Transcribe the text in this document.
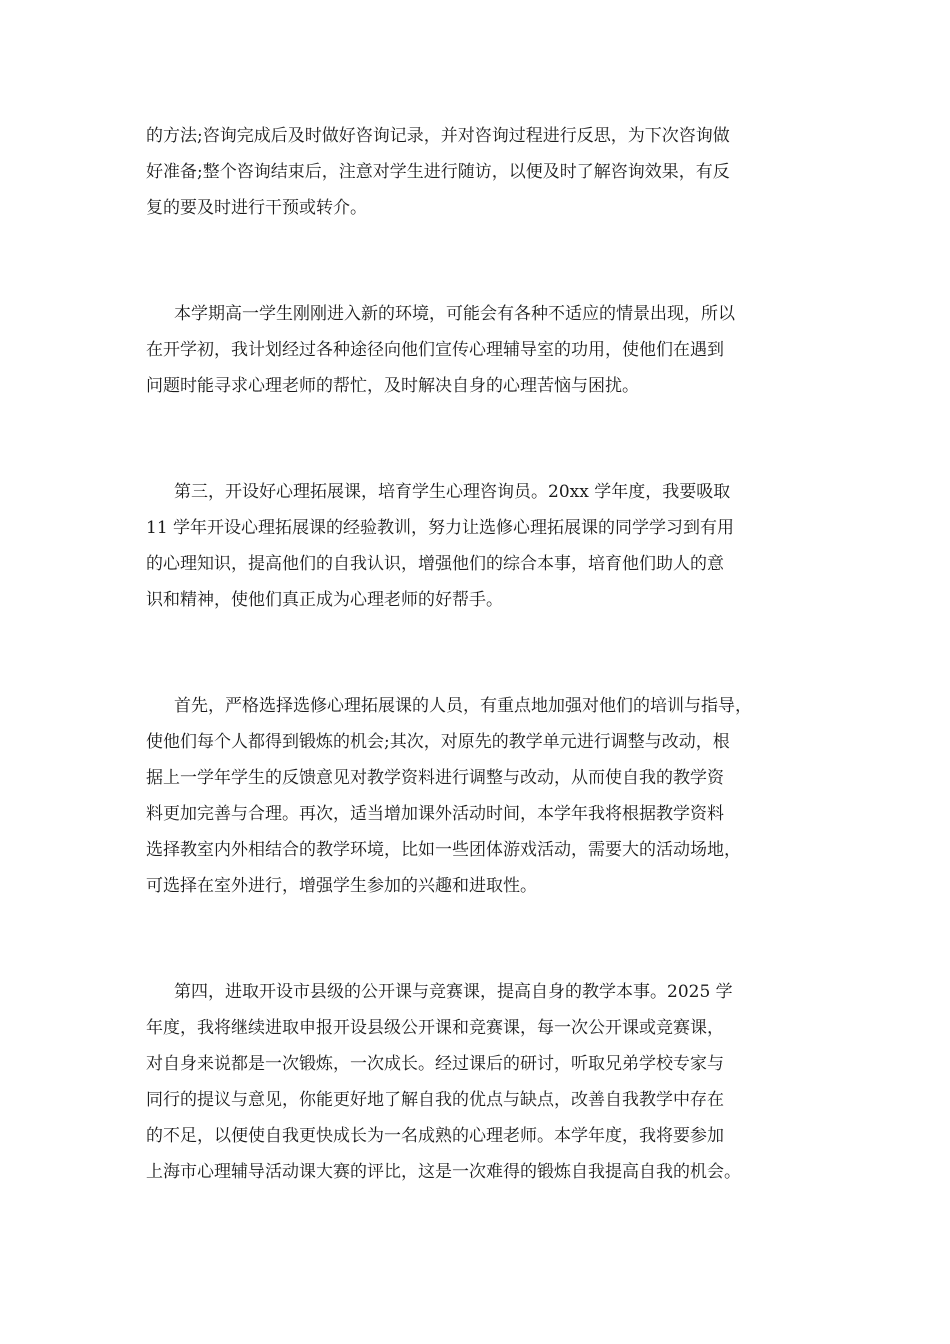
的方法;咨询完成后及时做好咨询记录，并对咨询过程进行反思，为下次咨询做
好准备;整个咨询结束后，注意对学生进行随访，以便及时了解咨询效果，有反
复的要及时进行干预或转介。
本学期高一学生刚刚进入新的环境，可能会有各种不适应的情景出现，所以
在开学初，我计划经过各种途径向他们宣传心理辅导室的功用，使他们在遇到
问题时能寻求心理老师的帮忙，及时解决自身的心理苦恼与困扰。
第三，开设好心理拓展课，培育学生心理咨询员。20xx 学年度，我要吸取
11 学年开设心理拓展课的经验教训，努力让选修心理拓展课的同学学习到有用
的心理知识，提高他们的自我认识，增强他们的综合本事，培育他们助人的意
识和精神，使他们真正成为心理老师的好帮手。
首先，严格选择选修心理拓展课的人员，有重点地加强对他们的培训与指导，
使他们每个人都得到锻炼的机会;其次，对原先的教学单元进行调整与改动，根
据上一学年学生的反馈意见对教学资料进行调整与改动，从而使自我的教学资
料更加完善与合理。再次，适当增加课外活动时间，本学年我将根据教学资料
选择教室内外相结合的教学环境，比如一些团体游戏活动，需要大的活动场地，
可选择在室外进行，增强学生参加的兴趣和进取性。
第四，进取开设市县级的公开课与竞赛课，提高自身的教学本事。2025 学
年度，我将继续进取申报开设县级公开课和竞赛课，每一次公开课或竞赛课，
对自身来说都是一次锻炼，一次成长。经过课后的研讨，听取兄弟学校专家与
同行的提议与意见，你能更好地了解自我的优点与缺点，改善自我教学中存在
的不足，以便使自我更快成长为一名成熟的心理老师。本学年度，我将要参加
上海市心理辅导活动课大赛的评比，这是一次难得的锻炼自我提高自我的机会。
